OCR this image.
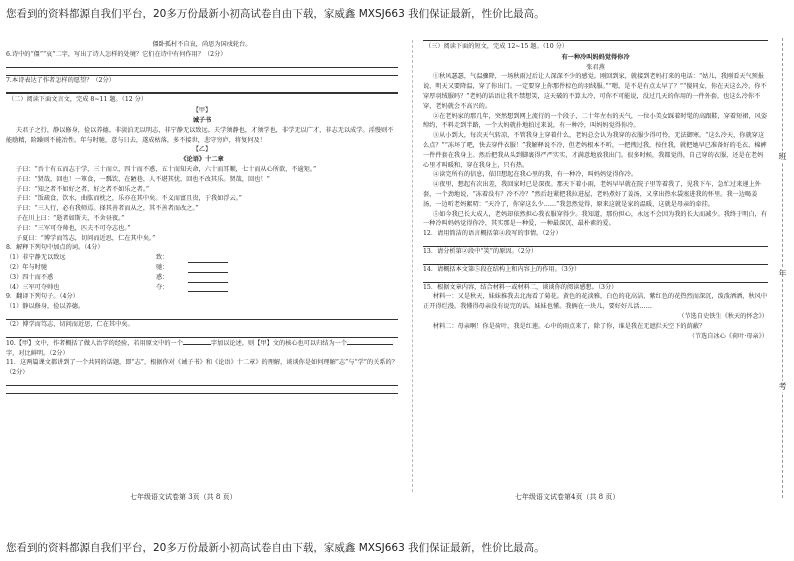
您看到的资料都源自我们平台，20多万份最新小初高试卷自由下载，家威鑫 MXSJ663 我们保证最新，性价比最高。

僵卧孤村不自哀，尚思为国戍轮台。

6.诗中的“僵”“哀”二字，写出了诗人怎样的处境？它们在诗中有何作用？（2分）

7.本诗表达了作者怎样的愿望？（2分）

（二）阅读下面文言文，完成 8~11 题。（12 分）

【甲】

诫子书

夫君子之行，静以修身，俭以养德。非淡泊无以明志，非宁静无以致远。夫学须静也，才须学也，非学无以广才，非志无以成学。淫慢则不能励精，险躁则不能冶性。年与时驰，意与日去，遂成枯落，多不接世，悲守穷庐，将复何及！

【乙】

《论语》十二章

子曰：“吾十有五而志于学，三十而立，四十而不惑，五十而知天命，六十而耳顺，七十而从心所欲，不逾矩。”

子曰：“贤哉，回也！一箪食，一瓢饮，在陋巷，人不堪其忧，回也不改其乐。贤哉，回也！”

子曰：“知之者不如好之者，好之者不如乐之者。”

子曰：“饭疏食，饮水，曲肱而枕之，乐亦在其中矣。不义而富且贵，于我如浮云。”

子曰：“三人行，必有我师焉。择其善者而从之，其不善者而改之。”

子在川上曰：“逝者如斯夫，不舍昼夜。”

子曰：“三军可夺帅也，匹夫不可夺志也。”

子夏曰：“博学而笃志，切问而近思，仁在其中矣。”

8．解释下列句中加点的词。（4分）

（1）非宁静无以致远	致：
（2）年与时驰	驰：
（3）四十而不惑	惑：
（4）三军可夺帅也	夺：

9．翻译下列句子。（4分）

（1）静以修身，俭以养德。

（2）博学而笃志，切问而近思，仁在其中矣。

10.【甲】文中，作者概括了做人治学的经验，若用原文中的一个	字加以论述，则【甲】文的核心也可以归结为一个字，对比鲜明。（2分）

11．这两篇课文都讲到了一个共同的话题，即“志”，根据你对《诫子书》和《论语》十二章》的理解，谈谈你是如何理解“志”与“学”的关系的？（2分）

七年级语文试卷第 3页（共 8 页）
（三）阅读下面的短文，完成 12~15 题。（10 分）

有一种冷叫妈妈觉得你冷

张君燕

①秋风瑟瑟，气温骤降，一场秋雨过后让人深深不少的感觉。刚回到家，就接到老妈打来的电话：“姑儿，我刚看天气预报说，明天又要降温，穿了你出门。一定要穿上你那件棕色的羽绒服。”“嗯，是不是有点太早了？”“傻同女，你在天这么冷，你不穿厚羽绒服吗？”老妈的话语让我不禁想笑，这天破的不算太冷，可你不可能说，没过几天的你用的一件外套，也这么冷你不穿，老妈就会不高兴的。

②在老妈家的那几年，突然想到网上流行的一个段子，二十年左右的天气，一位小美女踩着时髦的高跟鞋，穿着短裙，风姿绰约，不料走到半路，一个大妈就扑地拍过来说，有一种冷，叫妈妈觉得你冷。

③从小到大，每次天气转凉，不管我身上穿着什么，老妈总会认为我穿的衣服少得可怜，无法御寒。“这么冷天，你就穿这么点？”“冻坏了吧，快去穿件衣服！”我解释说不冷，但老妈根本不听，一把拽过我，按住我，就把她早已准备好的毛衣、棉裤一件件套在我身上。然后把我从头到脚裹得严严实实，才满意地放我出门。很多时候，我都觉得，自己穿的衣服，还是在老妈心里才叫暖和，穿在我身上，只有热。

④读完所有的信息，依旧想起在我心里的我，有一种冷，叫妈妈觉得你冷。

④夜里，想起有次出差，我回家时已是深夜。那天下着小雨，老妈早早就在院子里等着我了，见我下车，急忙过来递上外套，一个劲地说，“冻着没有？冷不冷？”然后赶紧把我拉进屋，老妈煮好了姜汤，又拿出热水袋塞进我的怀里。我一边喝姜汤，一边听老妈絮叨：“天冷了，你穿这么少……”我忽然觉得，原来这就是家的温暖，这就是母亲的牵挂。

⑤如今我已长大成人，老妈却依然担心我衣服穿得少。我知道，那份担心，永远不会因为我的长大而减少。我终于明白，有一种冷叫妈妈觉得你冷，其实那是一种爱，一种最深沉、最朴素的爱。

12．请用简洁的语言概括第④段写的事情。（2分）

13．请分析第②段中“笑”的原因。（2分）

14．请概括本文第⑤段在结构上和内容上的作用。（3分）

15．根据文章内容，结合材料一或材料二，谈谈你的阅读感想。（3分）

材料一：又是秋天，妹妹推我去北海看了菊花。黄色的花淡雅，白色的花高洁，紫红色的花热烈而深沉，泼泼洒洒，秋风中正开得烂漫。我懂得母亲没有说完的话。妹妹也懂。我俩在一块儿，要好好儿活……

（节选自史铁生《秋天的怀念》）

材料二：母亲啊！你是荷叶，我是红莲。心中的雨点来了，除了你，谁是我在无遮拦天空下的荫蔽？

（节选自冰心《荷叶·母亲》）

七年级语文试卷第4页（共 8 页）
班
年
考
您看到的资料都源自我们平台，20多万份最新小初高试卷自由下载，家威鑫 MXSJ663 我们保证最新，性价比最高。
